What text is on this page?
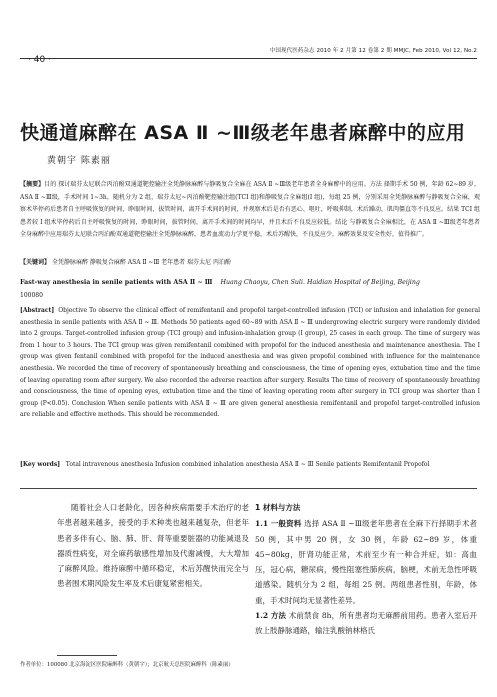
· 40 ·
中国现代医药杂志 2010 年 2 月第 12 卷第 2 期 MMJC, Feb 2010, Vol 12, No.2
快通道麻醉在 ASA Ⅱ ~Ⅲ级老年患者麻醉中的应用
黄朝宇 陈素丽

【摘要】目的 探讨瑞芬太尼联合丙泊酚双通道靶控输注全凭静脉麻醉与静吸复合全麻在 ASA Ⅱ ~Ⅲ级老年患者全身麻醉中的应用。方法 择期手术 50 例，年龄 62~89 岁，ASA Ⅱ ~Ⅲ级，手术时间 1~3h，随机分为 2 组，瑞芬太尼~丙泊酚靶控输注组(TCI 组)和静吸复合全麻组(I 组)，每组 25 例，分别采用全凭静脉麻醉与静吸复合全麻，观察术毕停药后患者自主呼吸恢复的时间，睁眼时间，拔管时间，离开手术间的时间，并观察术后是否有恶心、呕吐，呼吸抑制，术后躁动，肌肉僵直等不良反应。结果 TCI 组患者较 I 组术毕停药后自主呼吸恢复的时间，睁眼时间，拔管时间，离开手术间的时间均早，并且术后不良反应较低。结论 与静吸复合全麻相比，在 ASA Ⅱ ~Ⅲ级老年患者全身麻醉中应用瑞芬太尼联合丙泊酚双通道靶控输注全凭静脉麻醉，患者血流动力学更平稳，术后苏醒快，不良反应少，麻醉效果及安全性好，值得推广。

【关键词】 全凭静脉麻醉 静吸复合麻醉 ASA Ⅱ ~Ⅲ 老年患者 瑞芬太尼 丙泊酚
Fast-way anesthesia in senile patients with ASA Ⅱ ~ Ⅲ Huang Chaoyu, Chen Suli. Haidian Hospital of Beijing, Beijing
100080

[Abstract] Objective To observe the clinical effect of remifentanil and propofol target-controlled infusion (TCI) or infusion and inhalation for general anesthesia in senile patients with ASA Ⅱ ~ Ⅲ. Methods 50 patients aged 60~89 with ASA Ⅱ ~ Ⅲ undergrowing electric surgery were randomly divided into 2 groups. Target-controlled infusion group (TCI group) and infusion-inhalation group (I group), 25 cases in each group. The time of surgery was from 1 hour to 3 hours. The TCI group was given remifentanil combined with propofol for the induced anesthesia and maintenance anesthesia. The I group was given fentanil combined with propofol for the induced anesthesia and was given propofol combined with influence for the maintenance anesthesia. We recorded the time of recovery of spontaneously breathing and consciousness, the time of opening eyes, extubation time and the time of leaving operating room after surgery. We also recorded the adverse reaction after surgery. Results The time of recovery of spontaneously breathing and consciousness, the time of opening eyes, extubation time and the time of leaving operating room after surgery in TCI group was shorter than I group (P<0.05). Conclusion When senile patients with ASA Ⅱ ~ Ⅲ are given general anesthesia remifentanil and propofol target-controlled infusion are reliable and effective methods. This should be recommended.

[Key words] Total intravenous anesthesia Infusion combined inhalation anesthesia ASA Ⅱ ~ Ⅲ Senile patients Remifentanil Propofol
随着社会人口老龄化，因各种疾病需要手术治疗的老年患者越来越多，接受的手术种类也越来越复杂，但老年患者多伴有心、脑、肺、肝、肾等重要脏器的功能减退及器质性病变，对全麻药敏感性增加及代谢减慢，大大增加了麻醉风险。维持麻醉中循环稳定，术后苏醒快而完全与患者围术期风险发生率及术后康复紧密相关。
1 材料与方法
1.1 一般资料 选择 ASA Ⅱ ~Ⅲ级老年患者在全麻下行择期手术者 50 例，其中男 20 例，女 30 例，年龄 62~89 岁，体重 45~80kg，肝肾功能正常，术前至少有一种合并症，如：高血压，冠心病，糖尿病，慢性阻塞性肺疾病，脑梗，术前无急性呼吸道感染。随机分为 2 组，每组 25 例。两组患者性别，年龄，体重，手术时间均无显著性差异。
1.2 方法 术前禁食 8h，所有患者均无麻醉前用药。患者入室后开放上肢静脉通路，输注乳酸钠林格氏
作者单位：100080 北京海淀区医院麻醉科（黄朝宇）；北京航天总医院麻醉科（陈素丽）
